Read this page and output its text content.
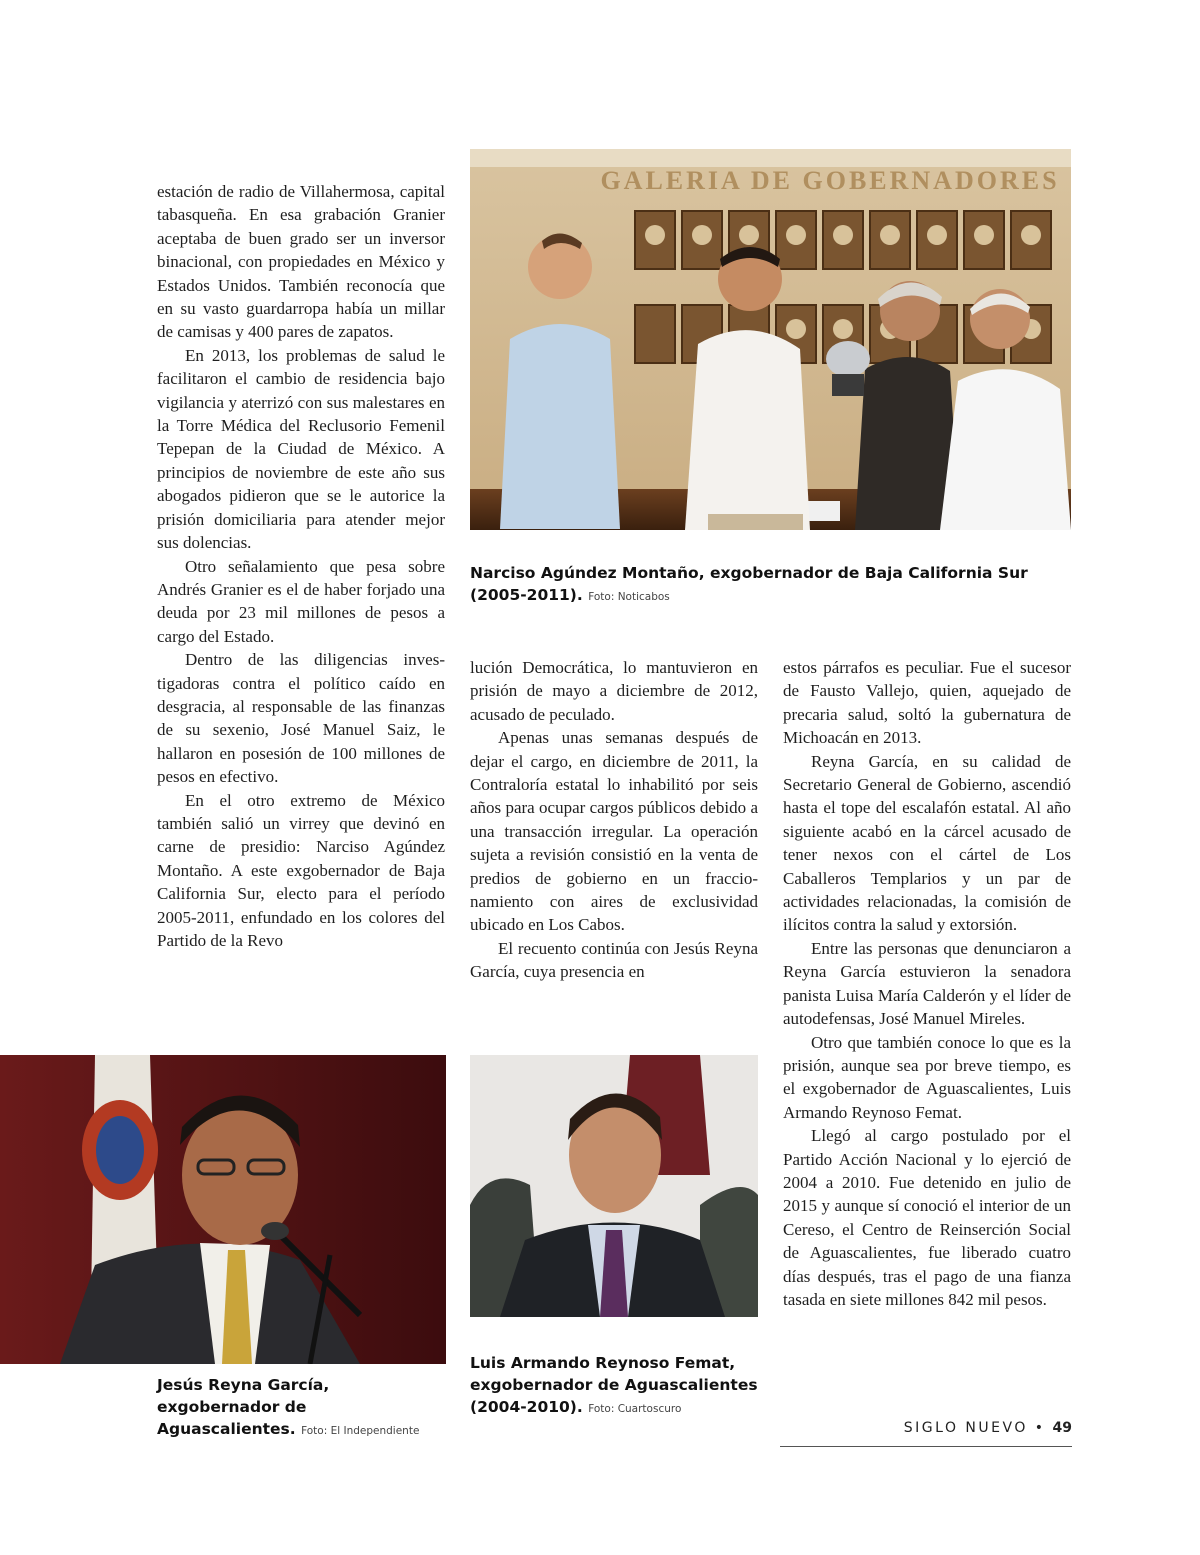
GALERIA DE GOBERNADORES
Narciso Agúndez Montaño, exgobernador de Baja California Sur (2005-2011). Foto: Noticabos

estación de radio de Villahermosa, capital tabasqueña. En esa grabación Granier aceptaba de buen grado ser un inversor binacional, con propiedades en México y Estados Unidos. También reconocía que en su vasto guardarropa había un millar de camisas y 400 pares de zapatos.

En 2013, los problemas de salud le facilitaron el cambio de residencia bajo vigilancia y aterrizó con sus malestares en la Torre Médica del Reclusorio Femenil Tepepan de la Ciudad de México. A principios de noviembre de este año sus abogados pidieron que se le autorice la prisión domiciliaria para atender mejor sus dolencias.

Otro señalamiento que pesa sobre Andrés Granier es el de haber forjado una deuda por 23 mil millones de pesos a cargo del Estado.

Dentro de las diligencias investigadoras contra el político caído en desgracia, al responsable de las finanzas de su sexenio, José Manuel Saiz, le hallaron en posesión de 100 millones de pesos en efectivo.

En el otro extremo de México también salió un virrey que devinó en carne de presidio: Narciso Agúndez Montaño. A este exgobernador de Baja California Sur, electo para el período 2005-2011, enfundado en los colores del Partido de la Revo

lución Democrática, lo mantuvieron en prisión de mayo a diciembre de 2012, acusado de peculado.

Apenas unas semanas después de dejar el cargo, en diciembre de 2011, la Contraloría estatal lo inhabilitó por seis años para ocupar cargos públicos debido a una transacción irregular. La operación sujeta a revisión consistió en la venta de predios de gobierno en un fraccionamiento con aires de exclusividad ubicado en Los Cabos.

El recuento continúa con Jesús Reyna García, cuya presencia en

estos párrafos es peculiar. Fue el sucesor de Fausto Vallejo, quien, aquejado de precaria salud, soltó la gubernatura de Michoacán en 2013.

Reyna García, en su calidad de Secretario General de Gobierno, ascendió hasta el tope del escalafón estatal. Al año siguiente acabó en la cárcel acusado de tener nexos con el cártel de Los Caballeros Templarios y un par de actividades relacionadas, la comisión de ilícitos contra la salud y extorsión.

Entre las personas que denunciaron a Reyna García estuvieron la senadora panista Luisa María Calderón y el líder de autodefensas, José Manuel Mireles.

Otro que también conoce lo que es la prisión, aunque sea por breve tiempo, es el exgobernador de Aguascalientes, Luis Armando Reynoso Femat.

Llegó al cargo postulado por el Partido Acción Nacional y lo ejerció de 2004 a 2010. Fue detenido en julio de 2015 y aunque sí conoció el interior de un Cereso, el Centro de Reinserción Social de Aguascalientes, fue liberado cuatro días después, tras el pago de una fianza tasada en siete millones 842 mil pesos.

Jesús Reyna García, exgobernador de Aguascalientes. Foto: El Independiente
Luis Armando Reynoso Femat, exgobernador de Aguascalientes (2004-2010). Foto: Cuartoscuro
SIGLO NUEVO • 49
